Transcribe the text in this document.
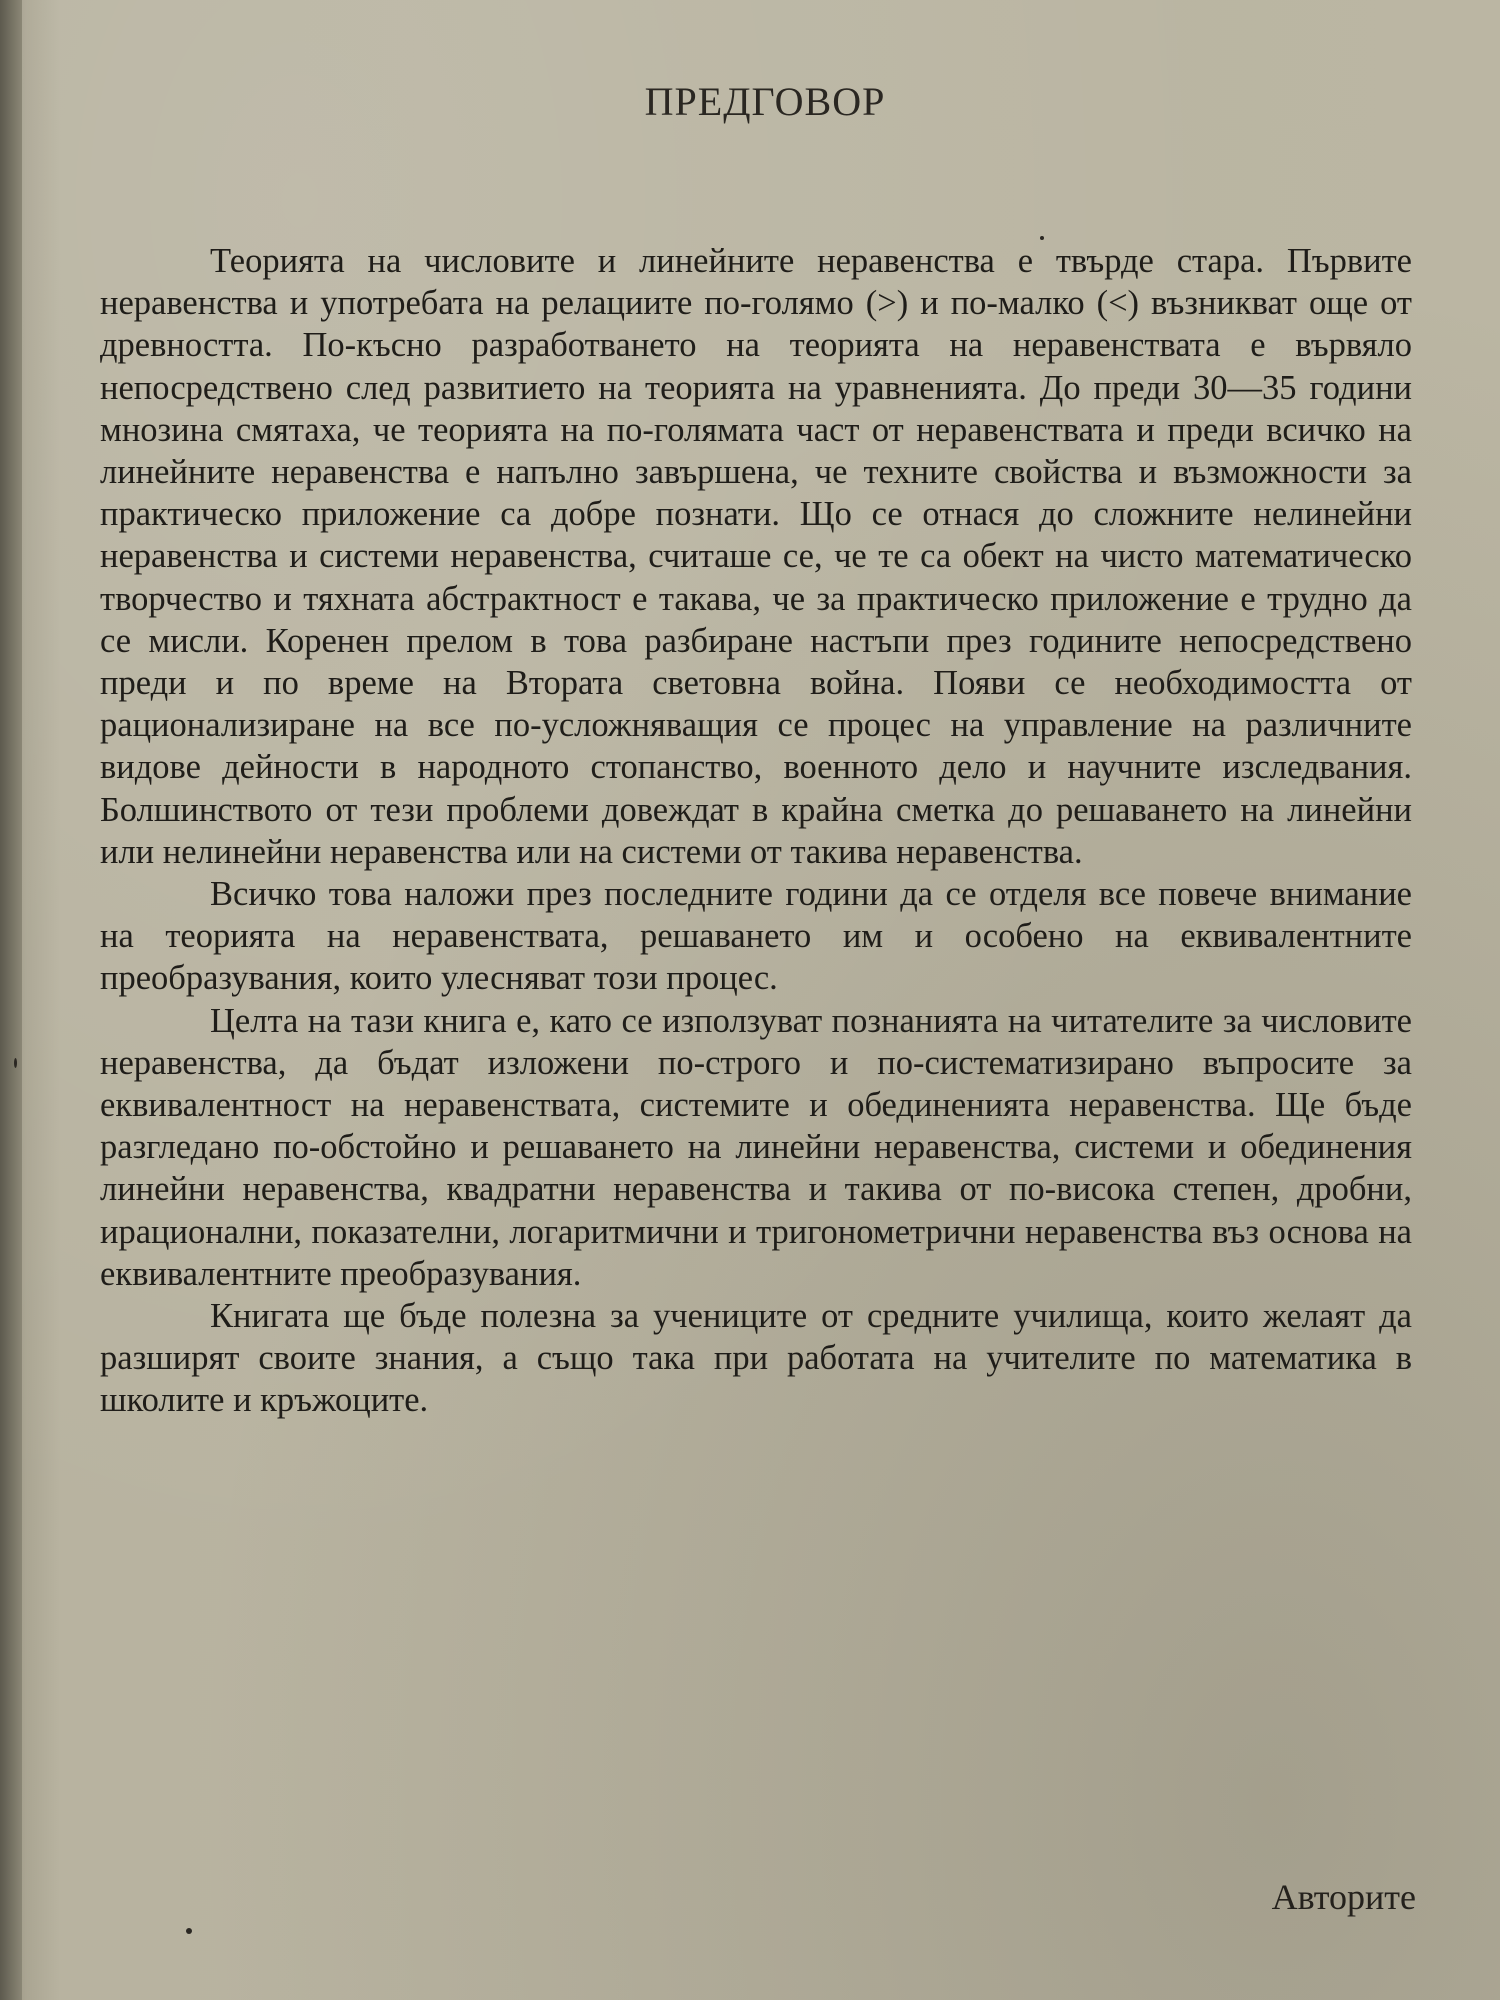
ПРЕДГОВОР

Теорията на числовите и линейните неравенства е твърде стара. Първите неравенства и употребата на релациите по-голямо (>) и по-малко (<) възникват още от древността. По-късно разработването на теорията на неравенствата е вървяло непосредствено след развитието на теорията на уравненията. До преди 30—35 години мнозина смятаха, че теорията на по-голямата част от неравенствата и преди всичко на линейните неравенства е напълно завършена, че техните свойства и възможности за практическо приложение са добре познати. Що се отнася до сложните нелинейни неравенства и системи неравенства, считаше се, че те са обект на чисто математическо творчество и тяхната абстрактност е такава, че за практическо приложение е трудно да се мисли. Коренен прелом в това разбиране настъпи през годините непосредствено преди и по време на Втората световна война. Появи се необходимостта от рационализиране на все по-усложняващия се процес на управление на различните видове дейности в народното стопанство, военното дело и научните изследвания. Болшинството от тези проблеми довеждат в крайна сметка до решаването на линейни или нелинейни неравенства или на системи от такива неравенства.

Всичко това наложи през последните години да се отделя все повече внимание на теорията на неравенствата, решаването им и особено на еквивалентните преобразувания, които улесняват този процес.

Целта на тази книга е, като се използуват познанията на читателите за числовите неравенства, да бъдат изложени по-строго и по-систематизирано въпросите за еквивалентност на неравенствата, системите и обединенията неравенства. Ще бъде разгледано по-обстойно и решаването на линейни неравенства, системи и обединения линейни неравенства, квадратни неравенства и такива от по-висока степен, дробни, ирационални, показателни, логаритмични и тригонометрични неравенства въз основа на еквивалентните преобразувания.

Книгата ще бъде полезна за учениците от средните училища, които желаят да разширят своите знания, а също така при работата на учителите по математика в школите и кръжоците.

Авторите
